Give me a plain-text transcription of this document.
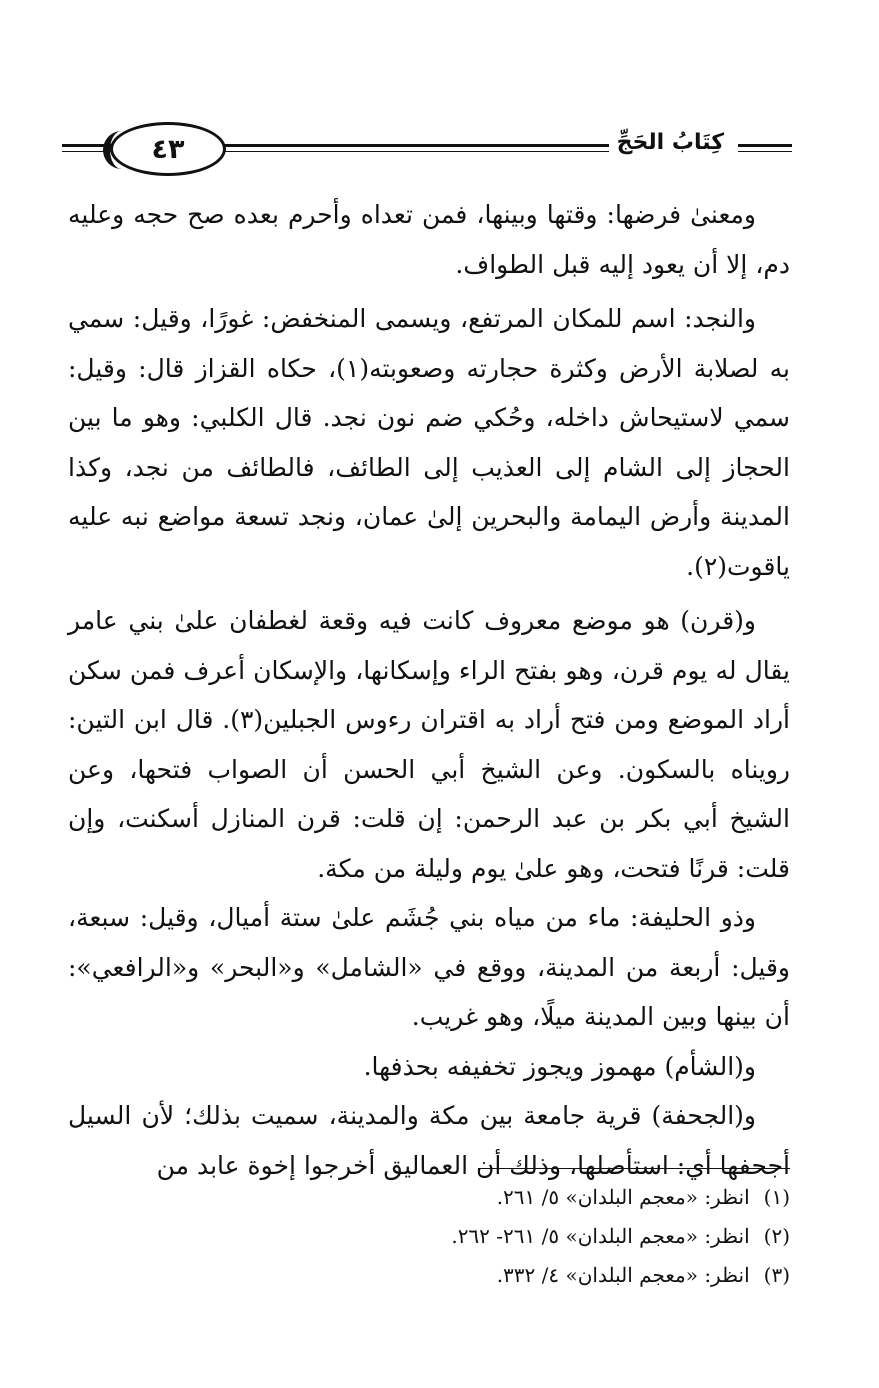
٤٣	كِتَابُ الحَجِّ

ومعنىٰ فرضها: وقتها وبينها، فمن تعداه وأحرم بعده صح حجه وعليه دم، إلا أن يعود إليه قبل الطواف.

والنجد: اسم للمكان المرتفع، ويسمى المنخفض: غورًا، وقيل: سمي به لصلابة الأرض وكثرة حجارته وصعوبته(١)، حكاه القزاز قال: وقيل: سمي لاستيحاش داخله، وحُكي ضم نون نجد. قال الكلبي: وهو ما بين الحجاز إلى الشام إلى العذيب إلى الطائف، فالطائف من نجد، وكذا المدينة وأرض اليمامة والبحرين إلىٰ عمان، ونجد تسعة مواضع نبه عليه ياقوت(٢).

و(قرن) هو موضع معروف كانت فيه وقعة لغطفان علىٰ بني عامر يقال له يوم قرن، وهو بفتح الراء وإسكانها، والإسكان أعرف فمن سكن أراد الموضع ومن فتح أراد به اقتران رءوس الجبلين(٣). قال ابن التين: رويناه بالسكون. وعن الشيخ أبي الحسن أن الصواب فتحها، وعن الشيخ أبي بكر بن عبد الرحمن: إن قلت: قرن المنازل أسكنت، وإن قلت: قرنًا فتحت، وهو علىٰ يوم وليلة من مكة.

وذو الحليفة: ماء من مياه بني جُشَم علىٰ ستة أميال، وقيل: سبعة، وقيل: أربعة من المدينة، ووقع في «الشامل» و«البحر» و«الرافعي»: أن بينها وبين المدينة ميلًا، وهو غريب.

و(الشأم) مهموز ويجوز تخفيفه بحذفها.

و(الجحفة) قرية جامعة بين مكة والمدينة، سميت بذلك؛ لأن السيل أجحفها أي: استأصلها، وذلك أن العماليق أخرجوا إخوة عابد من

(١)انظر: «معجم البلدان» ٥/ ٢٦١.
(٢)انظر: «معجم البلدان» ٥/ ٢٦١- ٢٦٢.
(٣)انظر: «معجم البلدان» ٤/ ٣٣٢.
